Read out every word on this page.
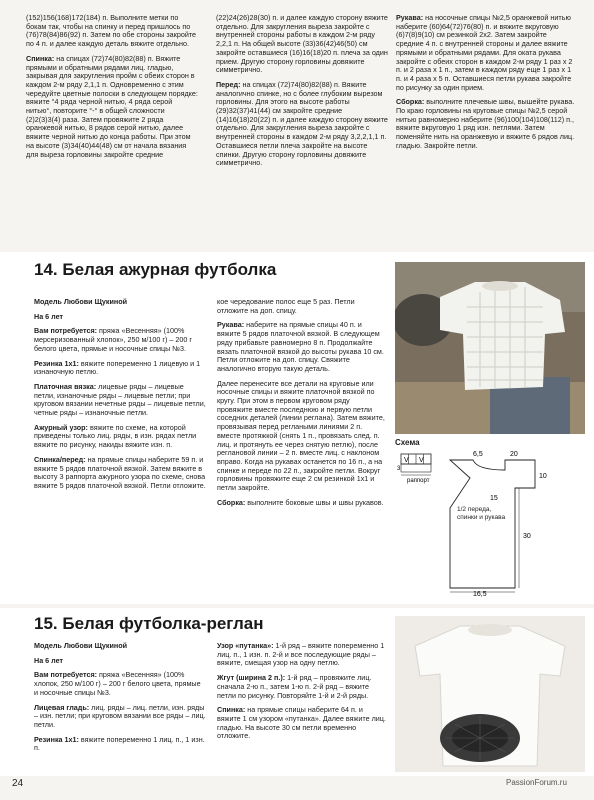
(152)156(168)172(184) п. Выполните метки по бокам так, чтобы на спинку и перед пришлось по (76)78(84)86(92) п. Затем по обе стороны закройте по 4 п. и далее каждую деталь вяжите отдельно.

Спинка: на спицах (72)74(80)82(88) п. Вяжите прямыми и обратными рядами лиц. гладью, закрывая для закругления пройм с обеих сторон в каждом 2-м ряду 2,1,1 п. Одновременно с этим чередуйте цветные полоски в следующем порядке: вяжите °4 ряда черной нитью, 4 ряда серой нитью°, повторите °-° в общей сложности (2)2(3)3(4) раза. Затем провяжите 2 ряда оранжевой нитью, 8 рядов серой нитью, далее вяжите черной нитью до конца работы. При этом на высоте (3)34(40)44(48) см от начала вязания для выреза горловины закройте средние

(22)24(26)28(30) п. и далее каждую сторону вяжите отдельно. Для закругления выреза закройте с внутренней стороны работы в каждом 2-м ряду 2,2,1 п. На общей высоте (33)36(42)46(50) см закройте оставшиеся (16)16(18)20 п. плеча за один прием. Другую сторону горловины довяжите симметрично.

Перед: на спицах (72)74(80)82(88) п. Вяжите аналогично спинке, но с более глубоким вырезом горловины. Для этого на высоте работы (29)32(37)41(44) см закройте средние (14)16(18)20(22) п. и далее каждую сторону вяжите отдельно. Для закругления выреза закройте с внутренней стороны в каждом 2-м ряду 3,2,2,1,1 п. Оставшиеся петли плеча закройте на высоте спинки. Другую сторону горловины довяжите симметрично.

Рукава: на носочные спицы №2,5 оранжевой нитью наберите (60)64(72)76(80) п. и вяжите вкруговую (6)7(8)9(10) см резинкой 2х2. Затем закройте средние 4 п. с внутренней стороны и далее вяжите прямыми и обратными рядами. Для оката рукава закройте с обеих сторон в каждом 2-м ряду 1 раз х 2 п. и 2 раза х 1 п., затем в каждом ряду еще 1 раз х 1 п. и 4 раза х 5 п. Оставшиеся петли рукава закройте по рисунку за один прием.

Сборка: выполните плечевые швы, вышейте рукава. По краю горловины на круговые спицы №2,5 серой нитью равномерно наберите (96)100(104)108(112) п., вяжите вкруговую 1 ряд изн. петлями. Затем поменяйте нить на оранжевую и вяжите 6 рядов лиц. гладью. Закройте петли.

14. Белая ажурная футболка

Модель Любови Щукиной

На 6 лет

Вам потребуется: пряжа «Весенняя» (100% мерсеризованный хлопок», 250 м/100 г) – 200 г белого цвета, прямые и носочные спицы №3.

Резинка 1х1: вяжите попеременно 1 лицевую и 1 изнаночную петлю.

Платочная вязка: лицевые ряды – лицевые петли, изнаночные ряды – лицевые петли; при круговом вязании нечетные ряды – лицевые петли, четные ряды – изнаночные петли.

Ажурный узор: вяжите по схеме, на которой приведены только лиц. ряды, в изн. рядах петли вяжите по рисунку, накиды вяжите изн. п.

Спинка/перед: на прямые спицы наберите 59 п. и вяжите 5 рядов платочной вязкой. Затем вяжите в высоту 3 раппорта ажурного узора по схеме, снова вяжите 5 рядов платочной вязкой. Петли отложите.

кое чередование полос еще 5 раз. Петли отложите на доп. спицу.

Рукава: наберите на прямые спицы 40 п. и вяжите 5 рядов платочной вязкой. В следующем ряду прибавьте равномерно 8 п. Продолжайте вязать платочной вязкой до высоты рукава 10 см. Петли отложите на доп. спицу. Свяжите аналогично вторую такую деталь.

Далее перенесите все детали на круговые или носочные спицы и вяжите платочной вязкой по кругу. При этом в первом круговом ряду провяжите вместе последнюю и первую петли соседних деталей (линии реглана). Затем вяжите, провязывая перед реглаными линиями 2 п. вместе протяжкой (снять 1 п., провязать след. п. лиц. и протянуть ее через снятую петлю), после реглановой линии – 2 п. вместе лиц. с наклоном вправо. Когда на рукавах останется по 16 п., а на спинке и переде по 22 п., закройте петли. Вокруг горловины провяжите еще 2 см резинкой 1х1 и петли закройте.

Сборка: выполните боковые швы и швы рукавов.

Схема
V V
раппорт
3
6,5	20
10
15
30
16,5
1/2 переда, спинки и рукава
15. Белая футболка-реглан

Модель Любови Щукиной

На 6 лет

Вам потребуется: пряжа «Весенняя» (100% хлопок, 250 м/100 г) – 200 г белого цвета, прямые и носочные спицы №3.

Лицевая гладь: лиц. ряды – лиц. петли, изн. ряды – изн. петли; при круговом вязании все ряды – лиц. петли.

Резинка 1х1: вяжите попеременно 1 лиц. п., 1 изн. п.

Узор «путанка»: 1-й ряд – вяжите попеременно 1 лиц. п., 1 изн. п. 2-й и все последующие ряды – вяжите, смещая узор на одну петлю.

Жгут (ширина 2 п.): 1-й ряд – провяжите лиц. сначала 2-ю п., затем 1-ю п. 2-й ряд – вяжите петли по рисунку. Повторяйте 1-й и 2-й ряды.

Спинка: на прямые спицы наберите 64 п. и вяжите 1 см узором «путанка». Далее вяжите лиц. гладью. На высоте 30 см петли временно отложите.

24	PassionForum.ru
